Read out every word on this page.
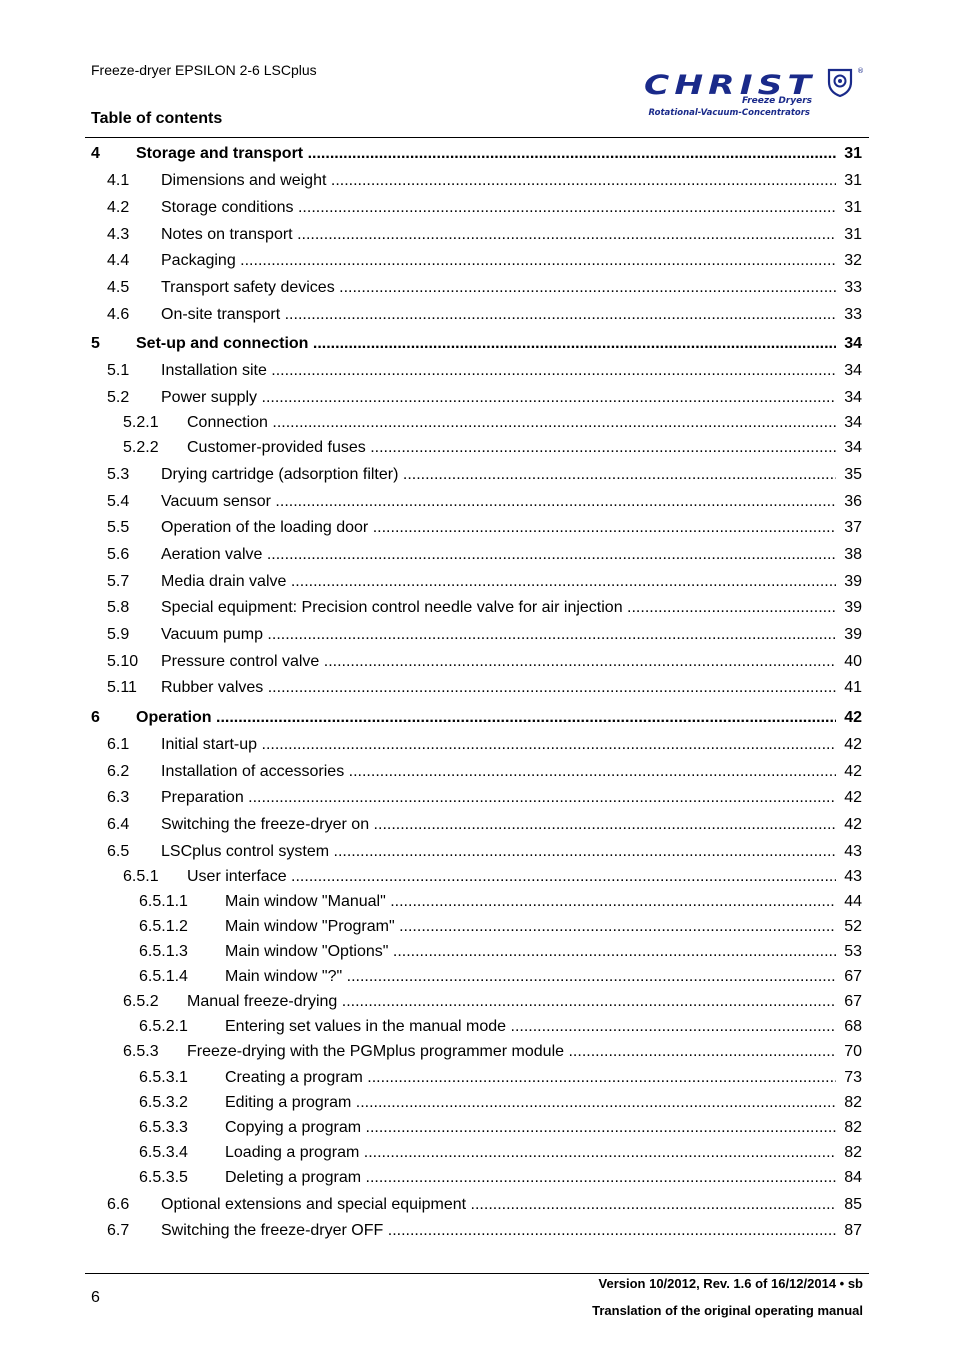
Freeze-dryer EPSILON 2-6 LSCplus
Table of contents
CHRIST	®
Freeze Dryers
Rotational-Vacuum-Concentrators
4 Storage and transport .....	31
4.1 Dimensions and weight .....	31
4.2 Storage conditions .....	31
4.3 Notes on transport .....	31
4.4 Packaging .....	32
4.5 Transport safety devices .....	33
4.6 On-site transport .....	33
5 Set-up and connection .....	34
5.1 Installation site .....	34
5.2 Power supply .....	34
5.2.1 Connection .....	34
5.2.2 Customer-provided fuses .....	34
5.3 Drying cartridge (adsorption filter) .....	35
5.4 Vacuum sensor .....	36
5.5 Operation of the loading door .....	37
5.6 Aeration valve .....	38
5.7 Media drain valve .....	39
5.8 Special equipment: Precision control needle valve for air injection .....	39
5.9 Vacuum pump .....	39
5.10 Pressure control valve .....	40
5.11 Rubber valves .....	41
6 Operation .....	42
6.1 Initial start-up .....	42
6.2 Installation of accessories .....	42
6.3 Preparation .....	42
6.4 Switching the freeze-dryer on .....	42
6.5 LSCplus control system .....	43
6.5.1 User interface .....	43
6.5.1.1 Main window "Manual" .....	44
6.5.1.2 Main window "Program" .....	52
6.5.1.3 Main window "Options" .....	53
6.5.1.4 Main window "?" .....	67
6.5.2 Manual freeze-drying .....	67
6.5.2.1 Entering set values in the manual mode .....	68
6.5.3 Freeze-drying with the PGMplus programmer module .....	70
6.5.3.1 Creating a program .....	73
6.5.3.2 Editing a program .....	82
6.5.3.3 Copying a program .....	82
6.5.3.4 Loading a program .....	82
6.5.3.5 Deleting a program .....	84
6.6 Optional extensions and special equipment .....	85
6.7 Switching the freeze-dryer OFF .....	87
6
Version 10/2012, Rev. 1.6 of 16/12/2014 • sb
Translation of the original operating manual
